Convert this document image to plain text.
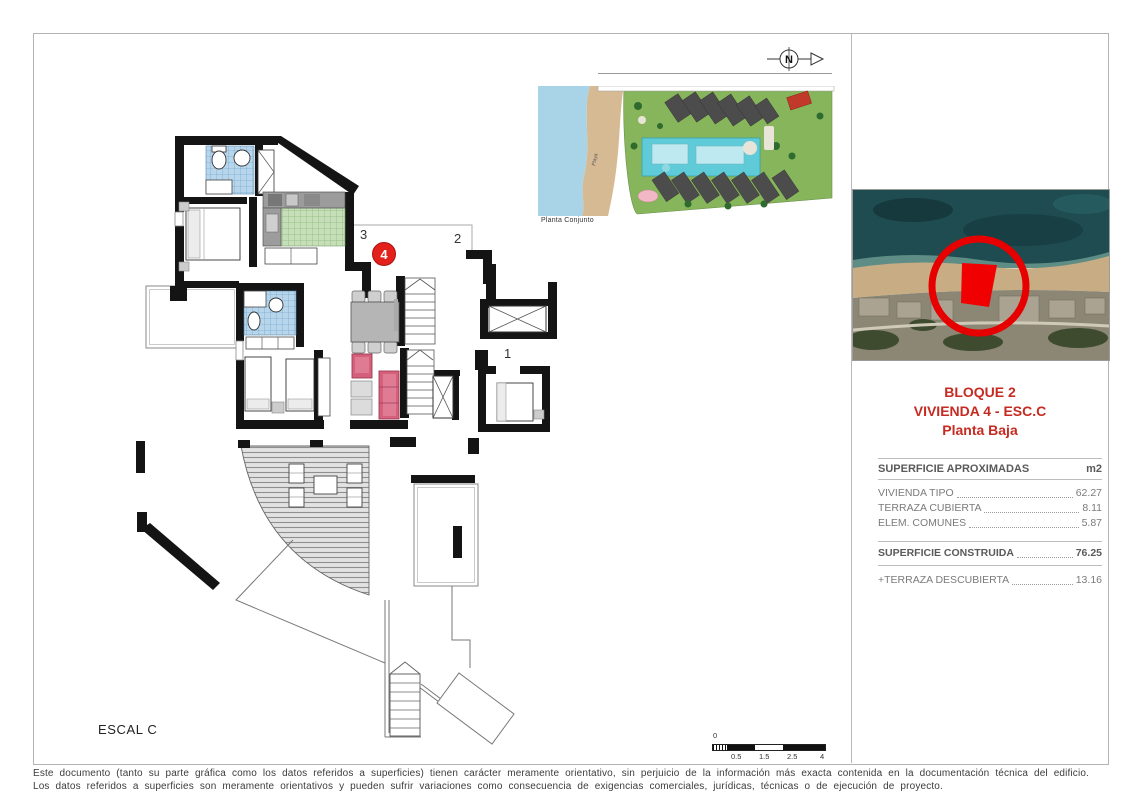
N
Playa
Planta Conjunto
BLOQUE 2
VIVIENDA 4 - ESC.C
Planta Baja
SUPERFICIE APROXIMADAS	m2
VIVIENDA TIPO	62.27
TERRAZA CUBIERTA	8.11
ELEM. COMUNES	5.87
SUPERFICIE CONSTRUIDA	76.25
+TERRAZA DESCUBIERTA	13.16
3	2
1
4
ESCAL C	0
0.5 1.5 2.5	4
Este documento (tanto su parte gráfica como los datos referidos a superficies) tienen carácter meramente orientativo, sin perjuicio de la información más exacta contenida en la documentación técnica del edificio.
Los datos referidos a superficies son meramente orientativos y pueden sufrir variaciones como consecuencia de exigencias comerciales, jurídicas, técnicas o de ejecución de proyecto.
